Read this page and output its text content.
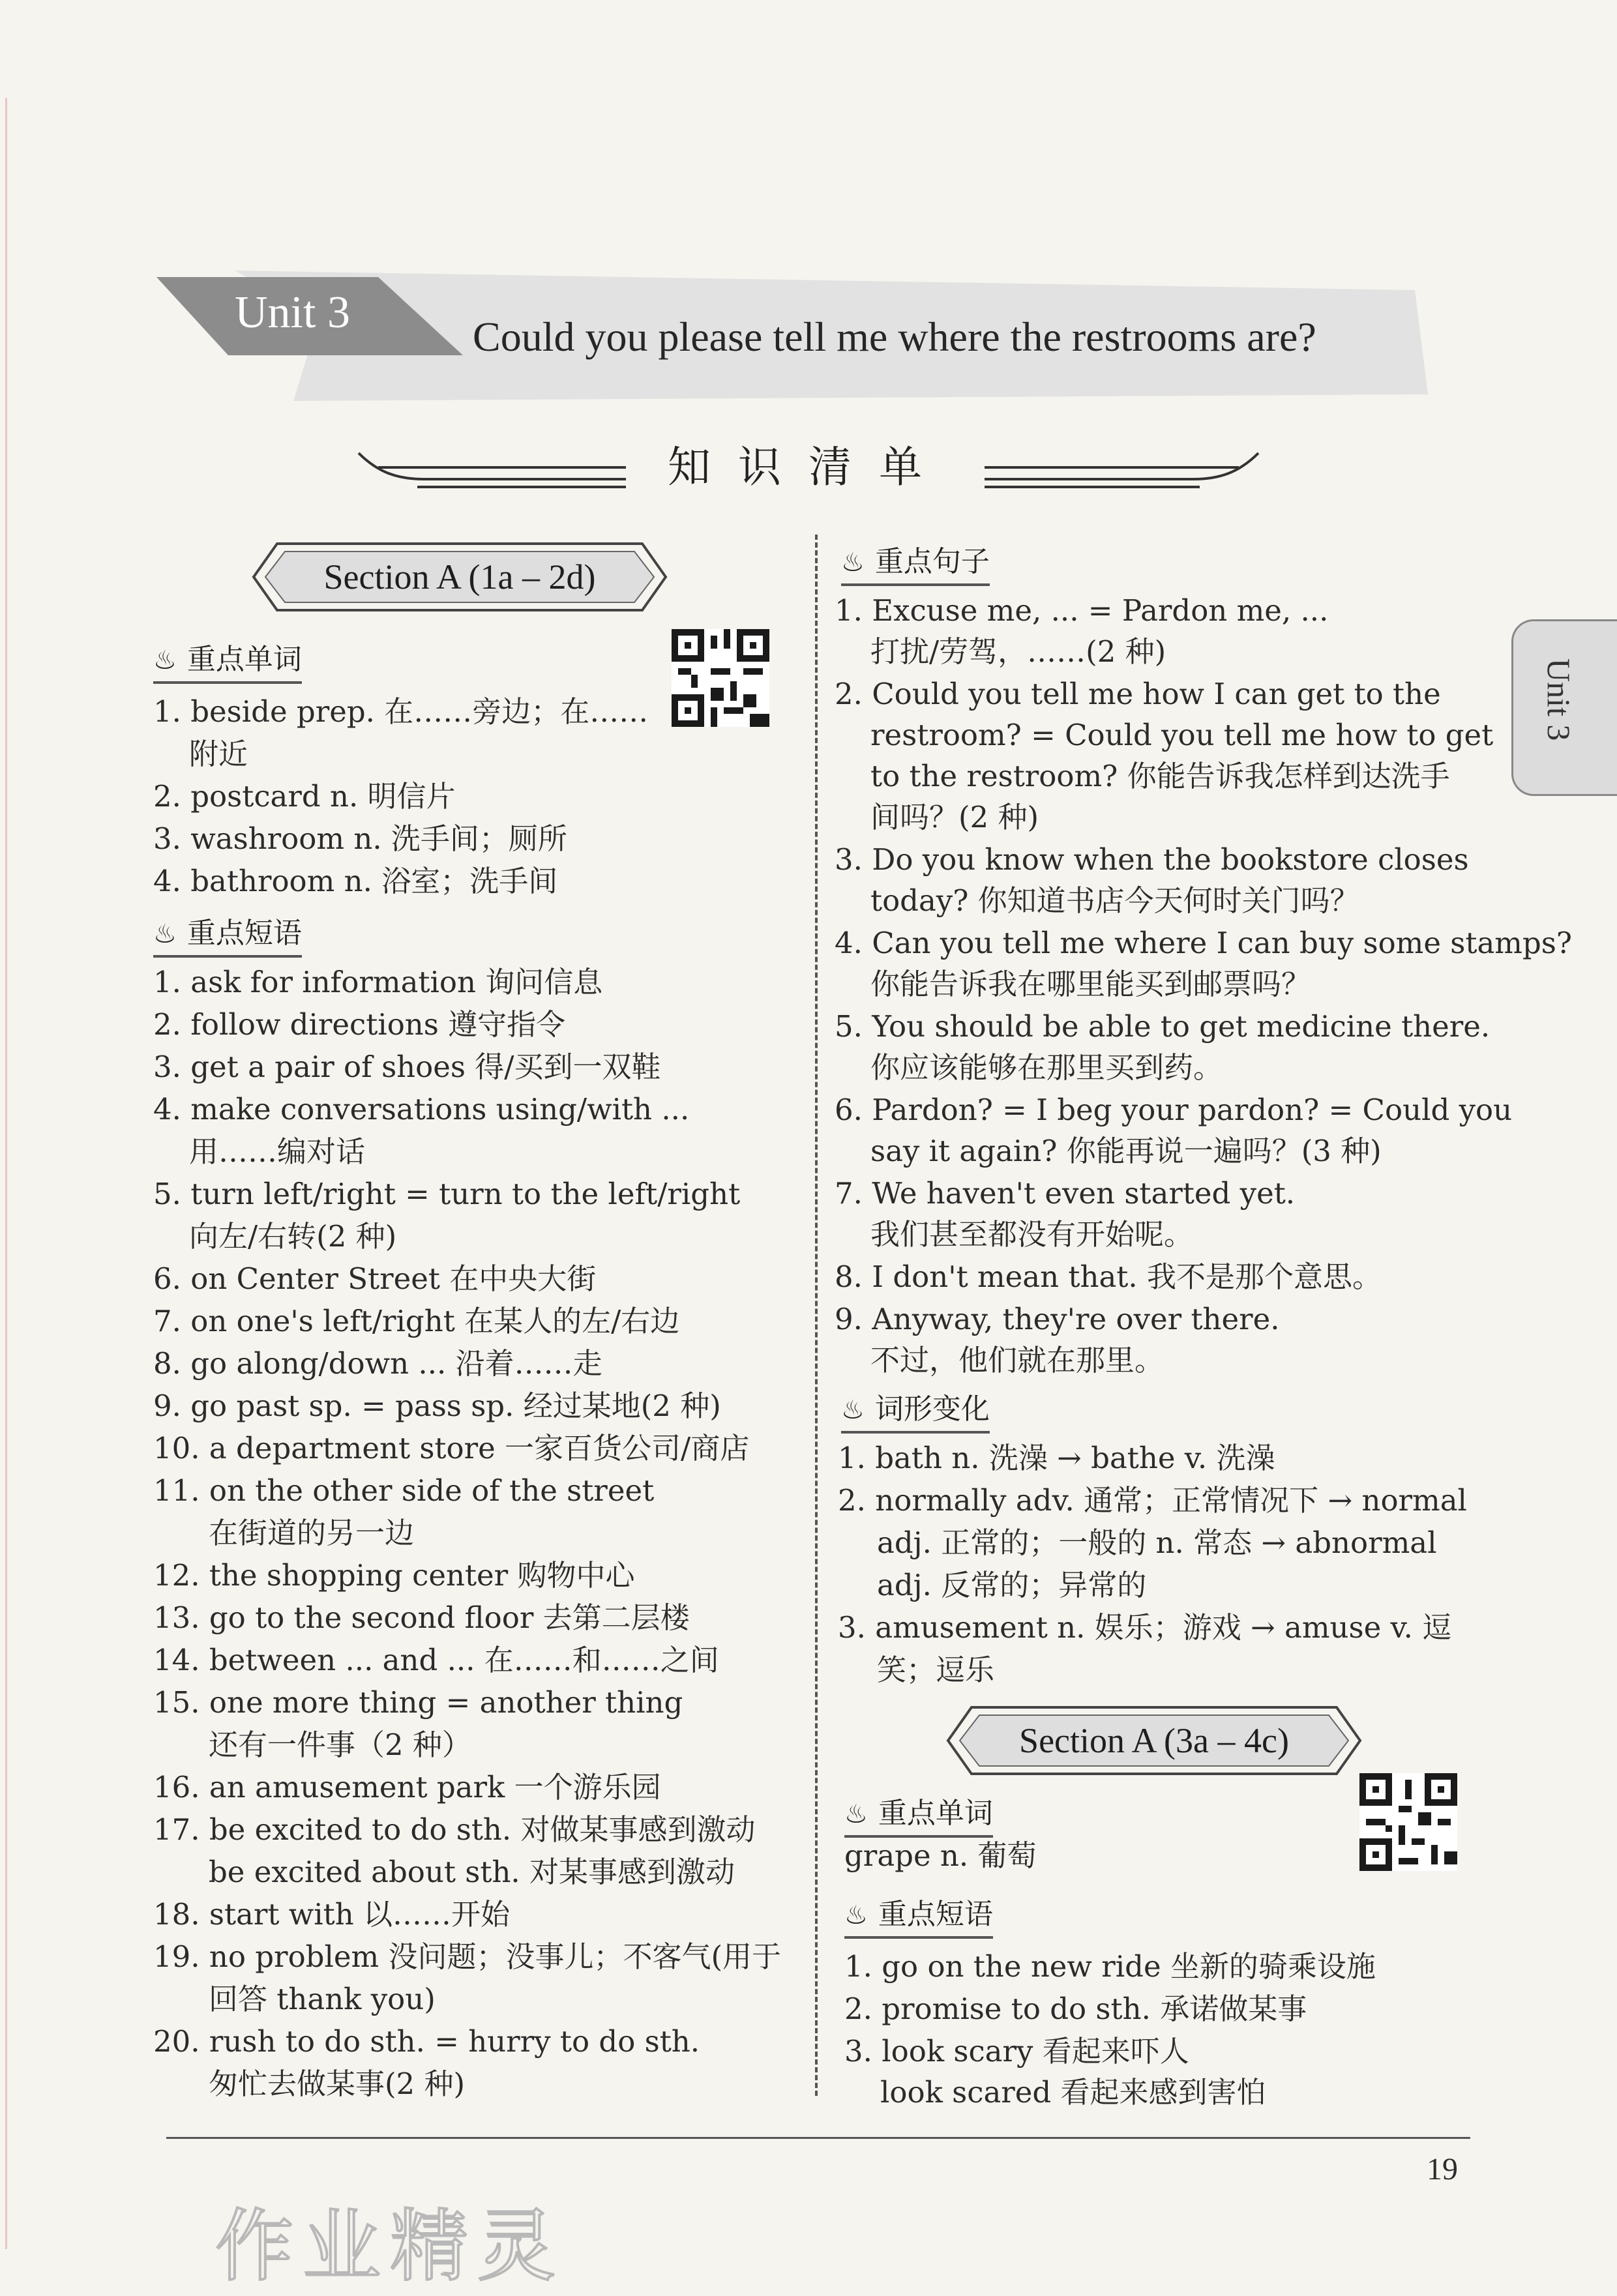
Unit 3	Could you please tell me where the restrooms are?
知识清单
Unit 3
Section A (1a – 2d)
♨ 重点单词
1. beside prep. 在……旁边；在……
附近
2. postcard n. 明信片
3. washroom n. 洗手间；厕所
4. bathroom n. 浴室；洗手间
♨ 重点短语
1. ask for information 询问信息
2. follow directions 遵守指令
3. get a pair of shoes 得/买到一双鞋
4. make conversations using/with ...
用……编对话
5. turn left/right = turn to the left/right
向左/右转(2 种)
6. on Center Street 在中央大街
7. on one's left/right 在某人的左/右边
8. go along/down ... 沿着……走
9. go past sp. = pass sp. 经过某地(2 种)
10. a department store 一家百货公司/商店
11. on the other side of the street
在街道的另一边
12. the shopping center 购物中心
13. go to the second floor 去第二层楼
14. between ... and ... 在……和……之间
15. one more thing = another thing
还有一件事（2 种）
16. an amusement park 一个游乐园
17. be excited to do sth. 对做某事感到激动
be excited about sth. 对某事感到激动
18. start with 以……开始
19. no problem 没问题；没事儿；不客气(用于
回答 thank you)
20. rush to do sth. = hurry to do sth.
匆忙去做某事(2 种)
♨ 重点句子
1. Excuse me, ... = Pardon me, ...
打扰/劳驾，……(2 种)
2. Could you tell me how I can get to the
restroom? = Could you tell me how to get
to the restroom? 你能告诉我怎样到达洗手
间吗？(2 种)
3. Do you know when the bookstore closes
today? 你知道书店今天何时关门吗？
4. Can you tell me where I can buy some stamps?
你能告诉我在哪里能买到邮票吗？
5. You should be able to get medicine there.
你应该能够在那里买到药。
6. Pardon? = I beg your pardon? = Could you
say it again? 你能再说一遍吗？(3 种)
7. We haven't even started yet.
我们甚至都没有开始呢。
8. I don't mean that. 我不是那个意思。
9. Anyway, they're over there.
不过，他们就在那里。
♨ 词形变化
1. bath n. 洗澡 → bathe v. 洗澡
2. normally adv. 通常；正常情况下 → normal
adj. 正常的；一般的 n. 常态 → abnormal
adj. 反常的；异常的
3. amusement n. 娱乐；游戏 → amuse v. 逗
笑；逗乐
Section A (3a – 4c)
♨ 重点单词
grape n. 葡萄
♨ 重点短语
1. go on the new ride 坐新的骑乘设施
2. promise to do sth. 承诺做某事
3. look scary 看起来吓人
look scared 看起来感到害怕
19
作业精灵
